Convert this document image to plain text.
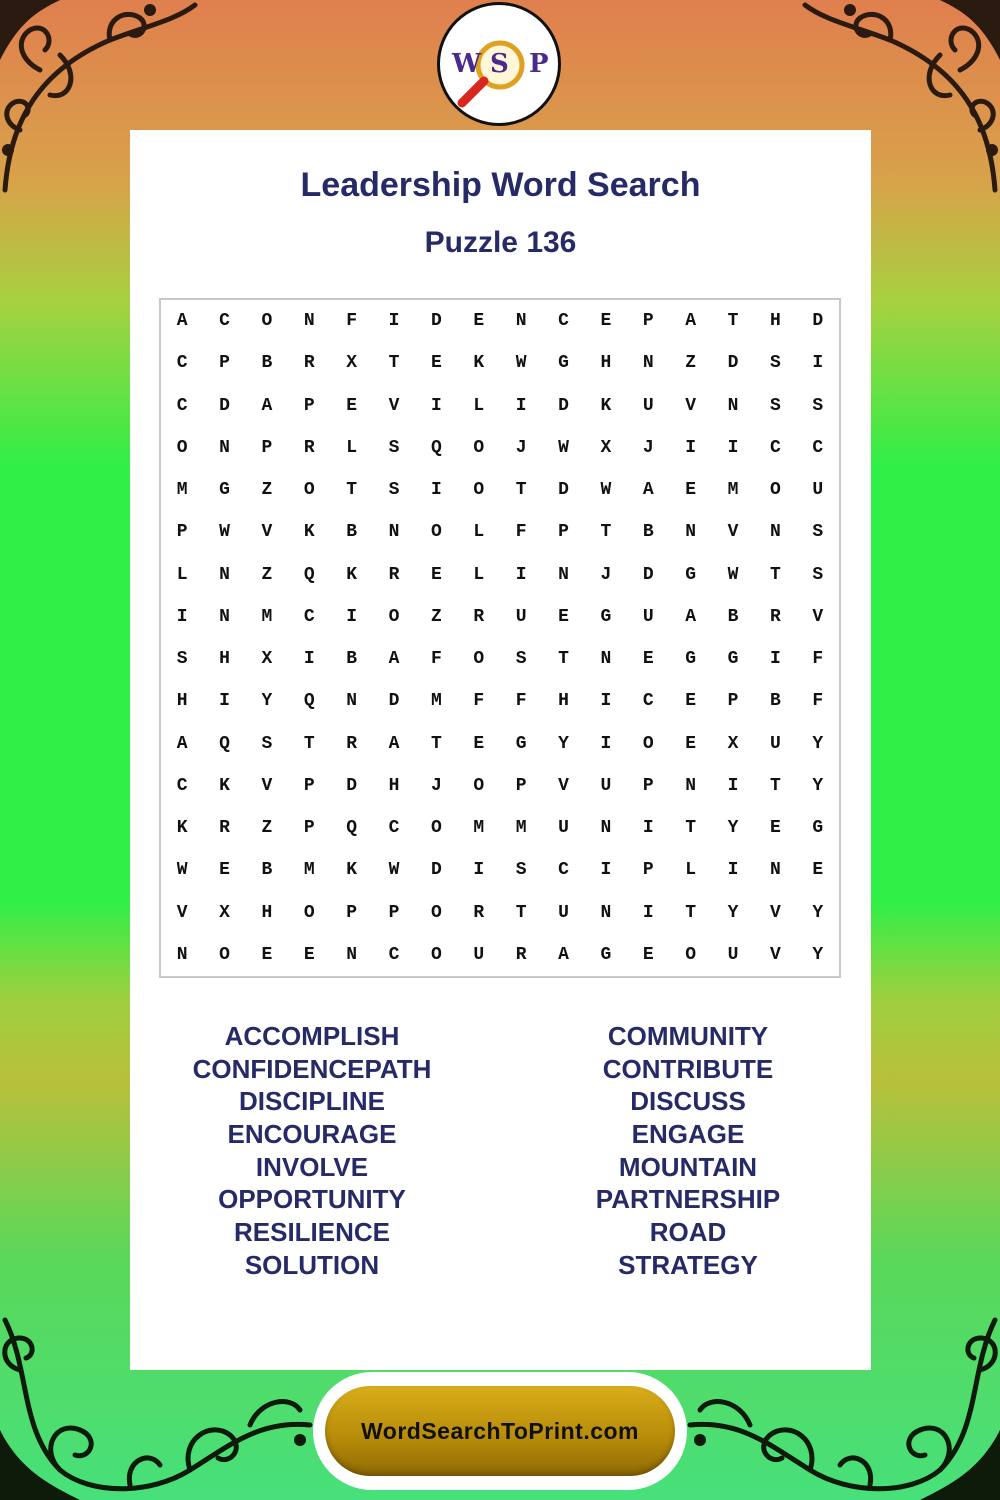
W S P
Leadership Word Search
Puzzle 136
A	C	O	N	F	I	D	E	N	C	E	P	A	T	H	D
C	P	B	R	X	T	E	K	W	G	H	N	Z	D	S	I
C	D	A	P	E	V	I	L	I	D	K	U	V	N	S	S
O	N	P	R	L	S	Q	O	J	W	X	J	I	I	C	C
M	G	Z	O	T	S	I	O	T	D	W	A	E	M	O	U
P	W	V	K	B	N	O	L	F	P	T	B	N	V	N	S
L	N	Z	Q	K	R	E	L	I	N	J	D	G	W	T	S
I	N	M	C	I	O	Z	R	U	E	G	U	A	B	R	V
S	H	X	I	B	A	F	O	S	T	N	E	G	G	I	F
H	I	Y	Q	N	D	M	F	F	H	I	C	E	P	B	F
A	Q	S	T	R	A	T	E	G	Y	I	O	E	X	U	Y
C	K	V	P	D	H	J	O	P	V	U	P	N	I	T	Y
K	R	Z	P	Q	C	O	M	M	U	N	I	T	Y	E	G
W	E	B	M	K	W	D	I	S	C	I	P	L	I	N	E
V	X	H	O	P	P	O	R	T	U	N	I	T	Y	V	Y
N	O	E	E	N	C	O	U	R	A	G	E	O	U	V	Y
ACCOMPLISH
CONFIDENCEPATH
DISCIPLINE
ENCOURAGE
INVOLVE
OPPORTUNITY
RESILIENCE
SOLUTION
COMMUNITY
CONTRIBUTE
DISCUSS
ENGAGE
MOUNTAIN
PARTNERSHIP
ROAD
STRATEGY
WordSearchToPrint.com
